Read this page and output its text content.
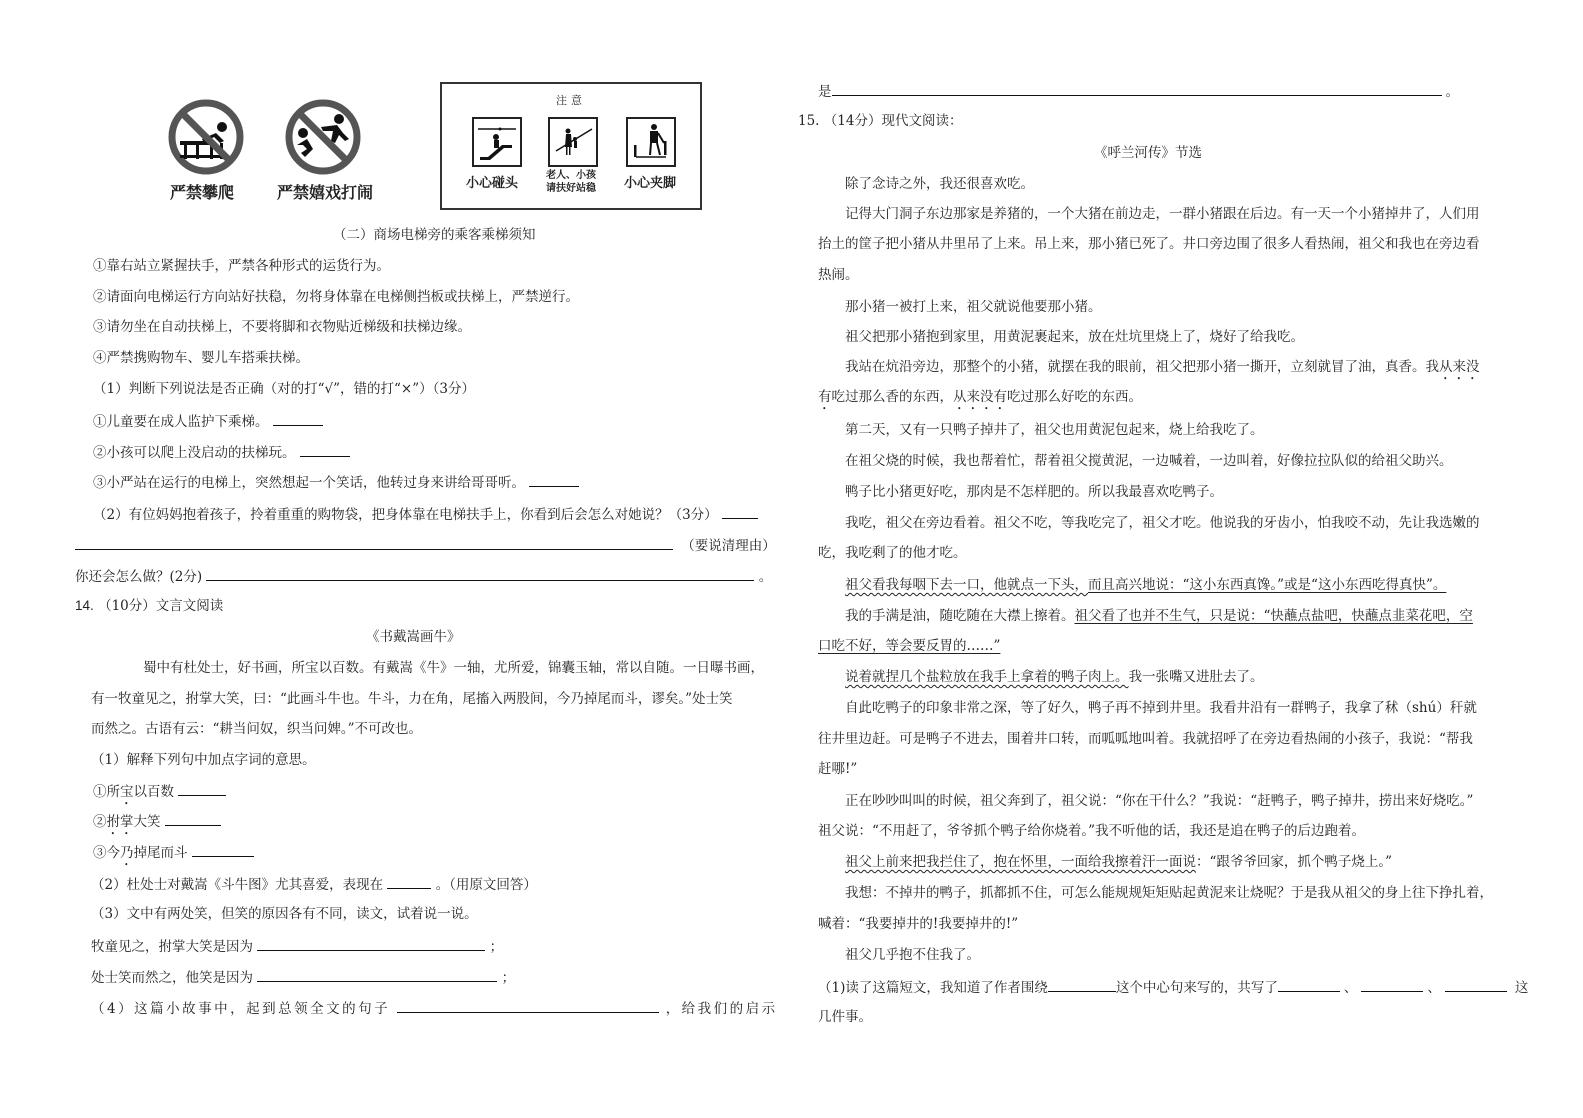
严禁攀爬	严禁嬉戏打闹
注意
小心碰头
老人、小孩
请扶好站稳 小心夹脚
（二）商场电梯旁的乘客乘梯须知
①靠右站立紧握扶手，严禁各种形式的运货行为。
②请面向电梯运行方向站好扶稳，勿将身体靠在电梯侧挡板或扶梯上，严禁逆行。
③请勿坐在自动扶梯上，不要将脚和衣物贴近梯级和扶梯边缘。
④严禁携购物车、婴儿车搭乘扶梯。
（1）判断下列说法是否正确（对的打“√”，错的打“×”）（3分）
①儿童要在成人监护下乘梯。
②小孩可以爬上没启动的扶梯玩。
③小严站在运行的电梯上，突然想起一个笑话，他转过身来讲给哥哥听。
（2）有位妈妈抱着孩子，拎着重重的购物袋，把身体靠在电梯扶手上，你看到后会怎么对她说？（3分）
（要说清理由）
你还会怎么做？(2分)	。
14. （10分）文言文阅读
《书戴嵩画牛》
蜀中有杜处士，好书画，所宝以百数。有戴嵩《牛》一轴，尤所爱，锦囊玉轴，常以自随。一日曝书画，
有一牧童见之，拊掌大笑，曰：“此画斗牛也。牛斗，力在角，尾搐入两股间，今乃掉尾而斗，谬矣。”处士笑
而然之。古语有云：“耕当问奴，织当问婢。”不可改也。
（1）解释下列句中加点字词的意思。
①所宝以百数
②拊掌大笑
③今乃掉尾而斗
（2）杜处士对戴嵩《斗牛图》尤其喜爱，表现在	。（用原文回答）
（3）文中有两处笑，但笑的原因各有不同，读文，试着说一说。
牧童见之，拊掌大笑是因为	；
处士笑而然之，他笑是因为	；
（4）这篇小故事中，起到总领全文的句子	，给我们的启示
是	。
15. （14分）现代文阅读：
《呼兰河传》节选
除了念诗之外，我还很喜欢吃。
记得大门洞子东边那家是养猪的，一个大猪在前边走，一群小猪跟在后边。有一天一个小猪掉井了，人们用
抬土的筐子把小猪从井里吊了上来。吊上来，那小猪已死了。井口旁边围了很多人看热闹，祖父和我也在旁边看
热闹。
那小猪一被打上来，祖父就说他要那小猪。
祖父把那小猪抱到家里，用黄泥裹起来，放在灶坑里烧上了，烧好了给我吃。
我站在炕沿旁边，那整个的小猪，就摆在我的眼前，祖父把那小猪一撕开，立刻就冒了油，真香。我从来没
有吃过那么香的东西，从来没有吃过那么好吃的东西。
第二天，又有一只鸭子掉井了，祖父也用黄泥包起来，烧上给我吃了。
在祖父烧的时候，我也帮着忙，帮着祖父搅黄泥，一边喊着，一边叫着，好像拉拉队似的给祖父助兴。
鸭子比小猪更好吃，那肉是不怎样肥的。所以我最喜欢吃鸭子。
我吃，祖父在旁边看着。祖父不吃，等我吃完了，祖父才吃。他说我的牙齿小，怕我咬不动，先让我选嫩的
吃，我吃剩了的他才吃。
祖父看我每咽下去一口，他就点一下头，而且高兴地说：“这小东西真馋。”或是“这小东西吃得真快”。
我的手满是油，随吃随在大襟上擦着。祖父看了也并不生气，只是说：“快蘸点盐吧，快蘸点韭菜花吧，空
口吃不好，等会要反胃的……”
说着就捏几个盐粒放在我手上拿着的鸭子肉上。我一张嘴又进肚去了。
自此吃鸭子的印象非常之深，等了好久，鸭子再不掉到井里。我看井沿有一群鸭子，我拿了秫（shú）秆就
往井里边赶。可是鸭子不进去，围着井口转，而呱呱地叫着。我就招呼了在旁边看热闹的小孩子，我说：“帮我
赶哪!”
正在吵吵叫叫的时候，祖父奔到了，祖父说：“你在干什么？”我说：“赶鸭子，鸭子掉井，捞出来好烧吃。”
祖父说：“不用赶了，爷爷抓个鸭子给你烧着。”我不听他的话，我还是追在鸭子的后边跑着。
祖父上前来把我拦住了，抱在怀里，一面给我擦着汗一面说：“跟爷爷回家，抓个鸭子烧上。”
我想：不掉井的鸭子，抓都抓不住，可怎么能规规矩矩贴起黄泥来让烧呢？于是我从祖父的身上往下挣扎着，
喊着：“我要掉井的!我要掉井的!”
祖父几乎抱不住我了。
（1)读了这篇短文，我知道了作者围绕	这个中心句来写的，共写了	、	、	这
几件事。
